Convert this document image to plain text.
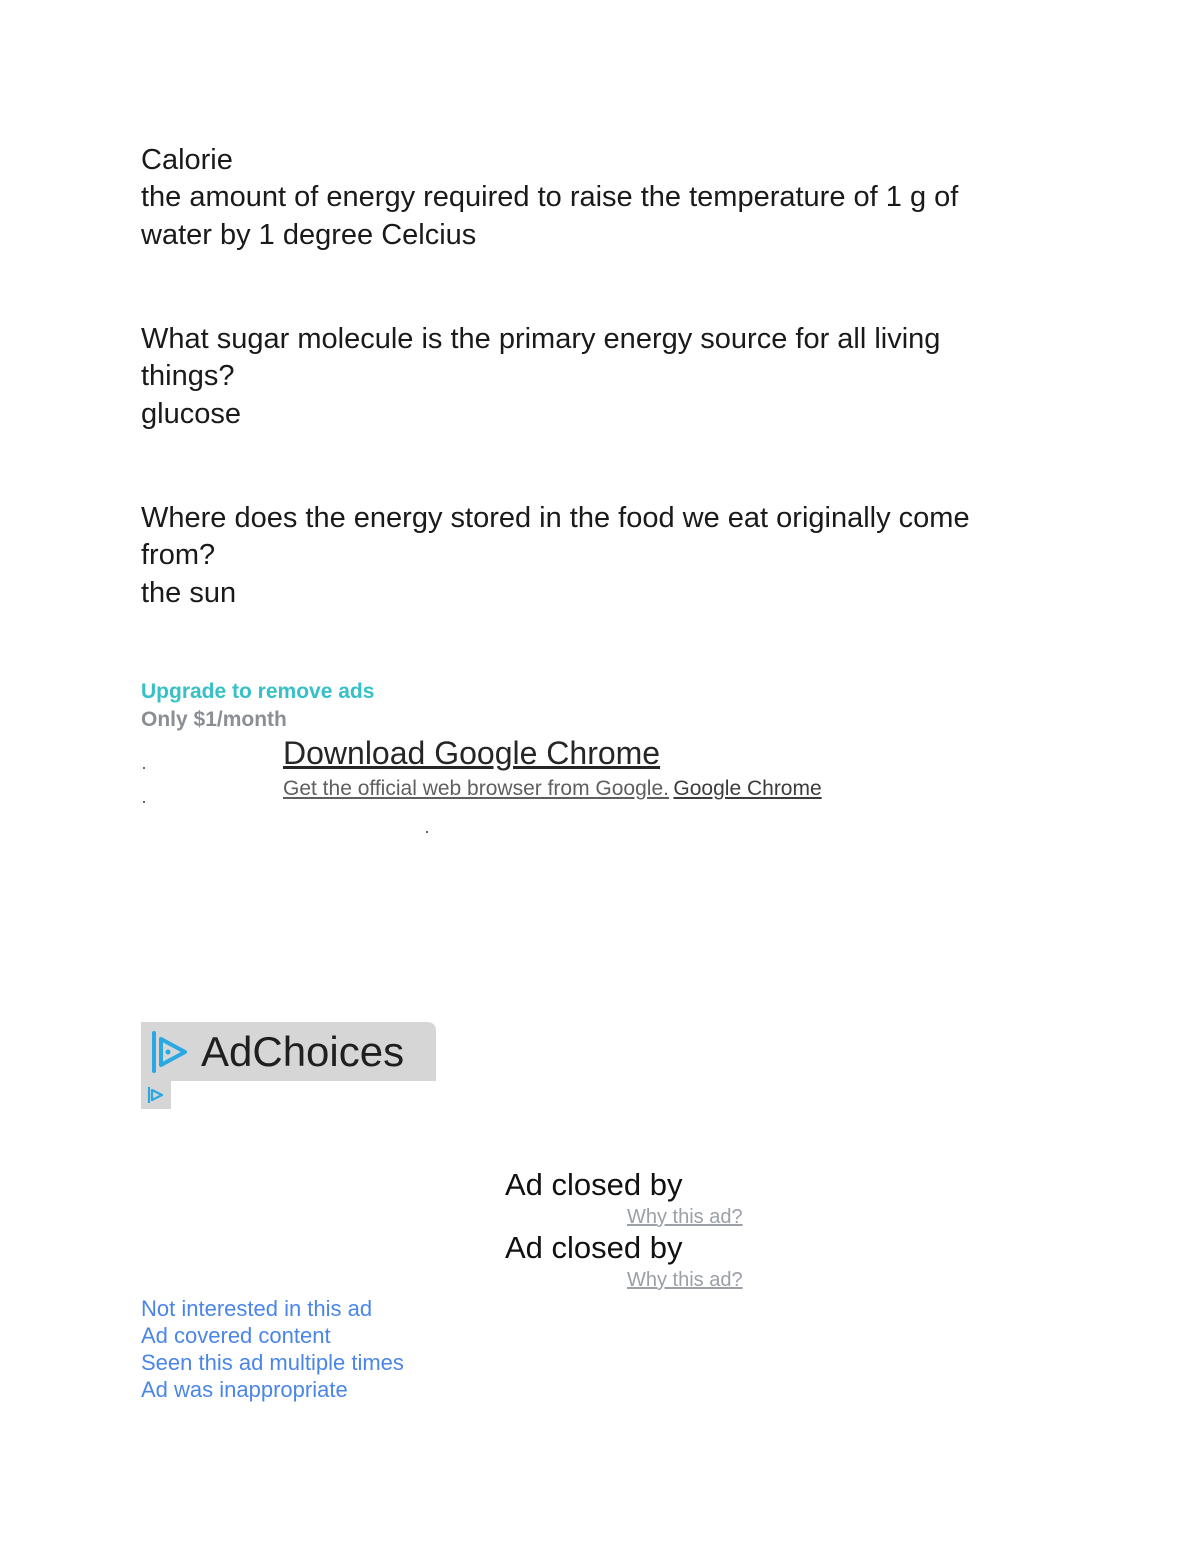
Calorie
the amount of energy required to raise the temperature of 1 g of
water by 1 degree Celcius
What sugar molecule is the primary energy source for all living
things?
glucose
Where does the energy stored in the food we eat originally come
from?
the sun
Upgrade to remove ads
Only $1/month
Download Google Chrome
Get the official web browser from Google. Google Chrome
AdChoices
Ad closed by
Why this ad?
Ad closed by
Why this ad?
Not interested in this ad
Ad covered content
Seen this ad multiple times
Ad was inappropriate
